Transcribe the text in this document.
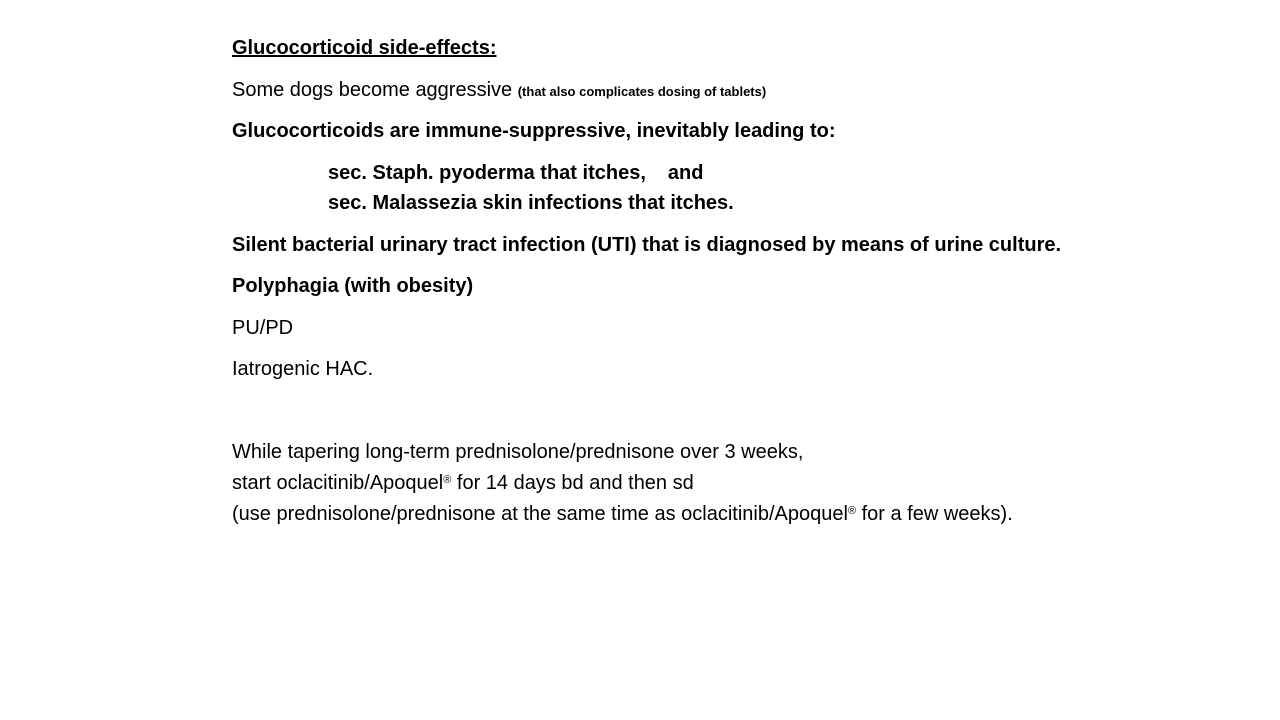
Glucocorticoid side-effects:
Some dogs become aggressive (that also complicates dosing of tablets)
Glucocorticoids are immune-suppressive, inevitably leading to:
sec. Staph. pyoderma that itches, and
sec. Malassezia skin infections that itches.
Silent bacterial urinary tract infection (UTI) that is diagnosed by means of urine culture.
Polyphagia (with obesity)
PU/PD
Iatrogenic HAC.
While tapering long-term prednisolone/prednisone over 3 weeks,
start oclacitinib/Apoquel® for 14 days bd and then sd
(use prednisolone/prednisone at the same time as oclacitinib/Apoquel® for a few weeks).
